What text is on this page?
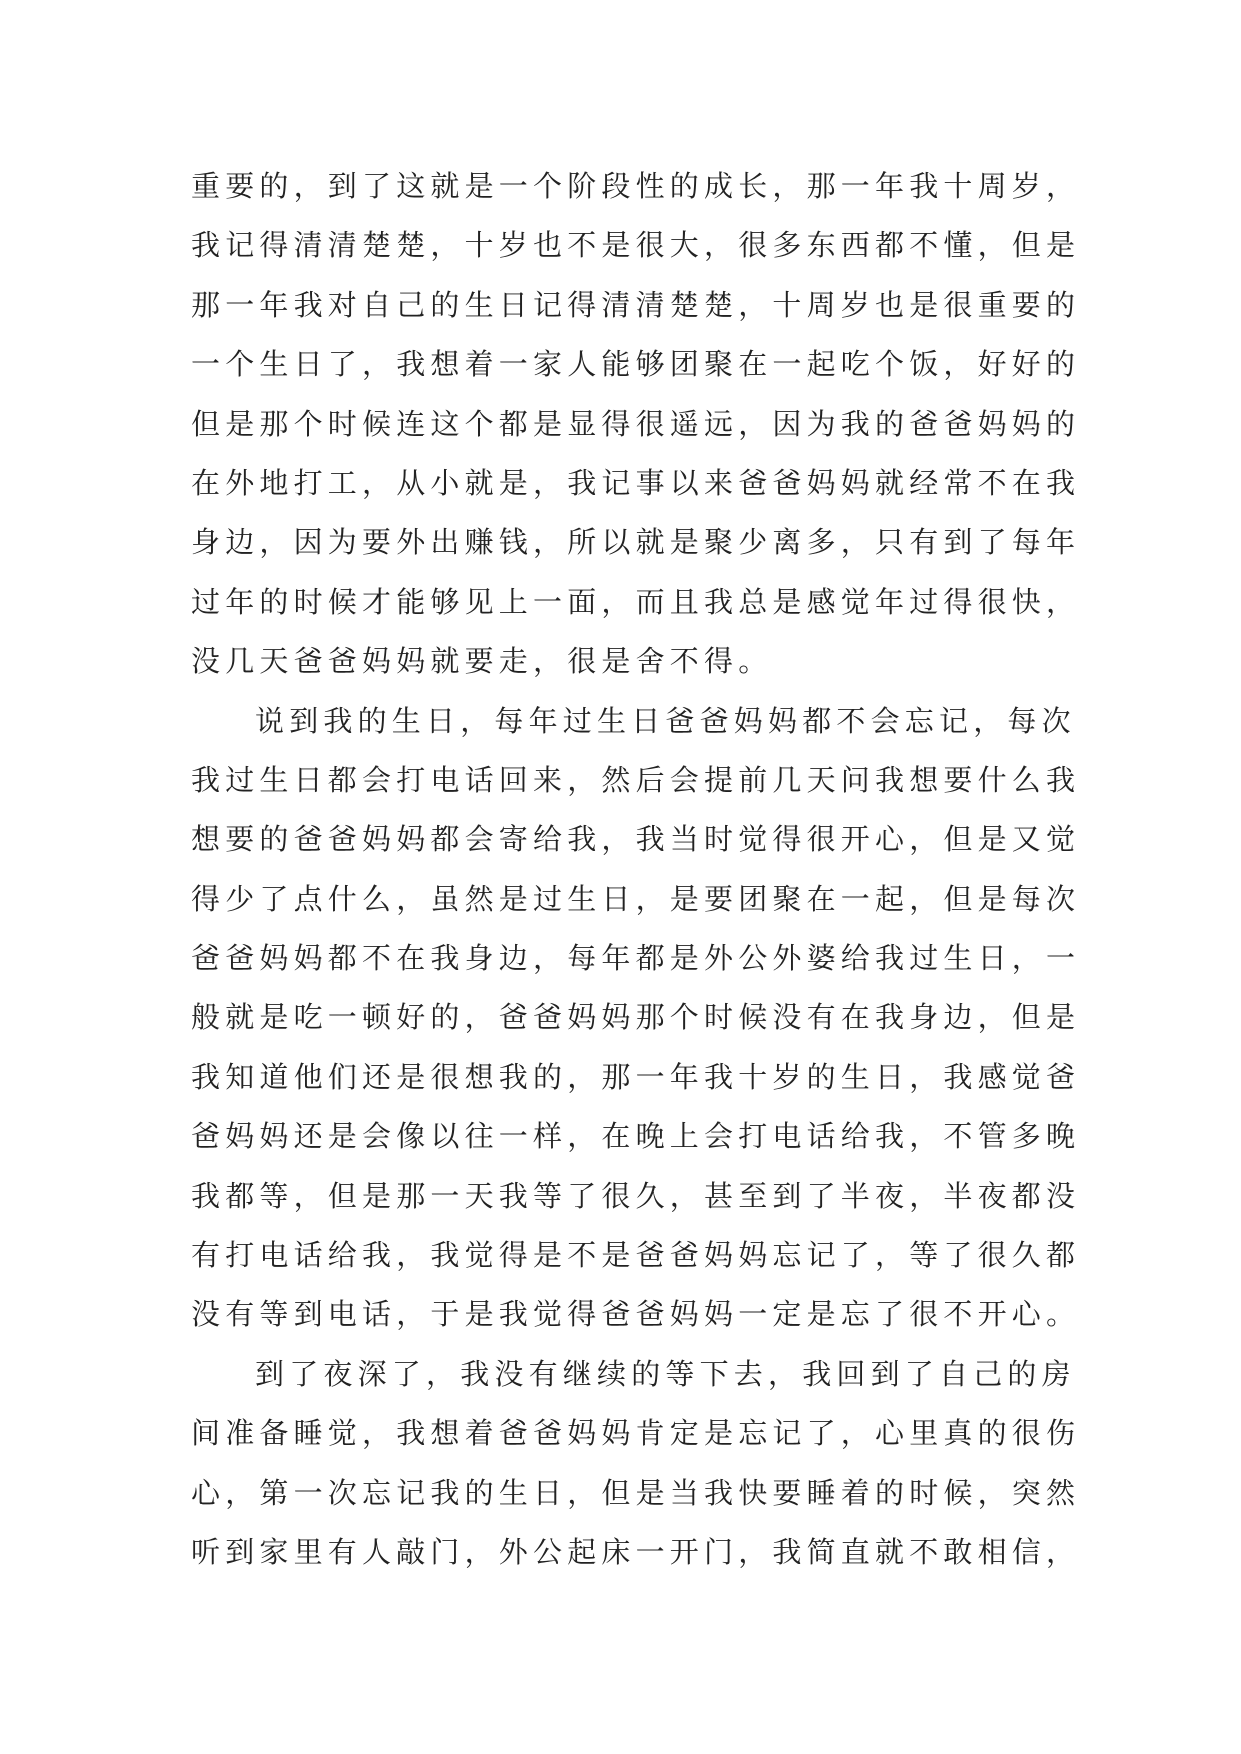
重要的，到了这就是一个阶段性的成长，那一年我十周岁，
我记得清清楚楚，十岁也不是很大，很多东西都不懂，但是
那一年我对自己的生日记得清清楚楚，十周岁也是很重要的
一个生日了，我想着一家人能够团聚在一起吃个饭，好好的
但是那个时候连这个都是显得很遥远，因为我的爸爸妈妈的
在外地打工，从小就是，我记事以来爸爸妈妈就经常不在我
身边，因为要外出赚钱，所以就是聚少离多，只有到了每年
过年的时候才能够见上一面，而且我总是感觉年过得很快，
没几天爸爸妈妈就要走，很是舍不得。
说到我的生日，每年过生日爸爸妈妈都不会忘记，每次
我过生日都会打电话回来，然后会提前几天问我想要什么我
想要的爸爸妈妈都会寄给我，我当时觉得很开心，但是又觉
得少了点什么，虽然是过生日，是要团聚在一起，但是每次
爸爸妈妈都不在我身边，每年都是外公外婆给我过生日，一
般就是吃一顿好的，爸爸妈妈那个时候没有在我身边，但是
我知道他们还是很想我的，那一年我十岁的生日，我感觉爸
爸妈妈还是会像以往一样，在晚上会打电话给我，不管多晚
我都等，但是那一天我等了很久，甚至到了半夜，半夜都没
有打电话给我，我觉得是不是爸爸妈妈忘记了，等了很久都
没有等到电话，于是我觉得爸爸妈妈一定是忘了很不开心。
到了夜深了，我没有继续的等下去，我回到了自己的房
间准备睡觉，我想着爸爸妈妈肯定是忘记了，心里真的很伤
心，第一次忘记我的生日，但是当我快要睡着的时候，突然
听到家里有人敲门，外公起床一开门，我简直就不敢相信，
